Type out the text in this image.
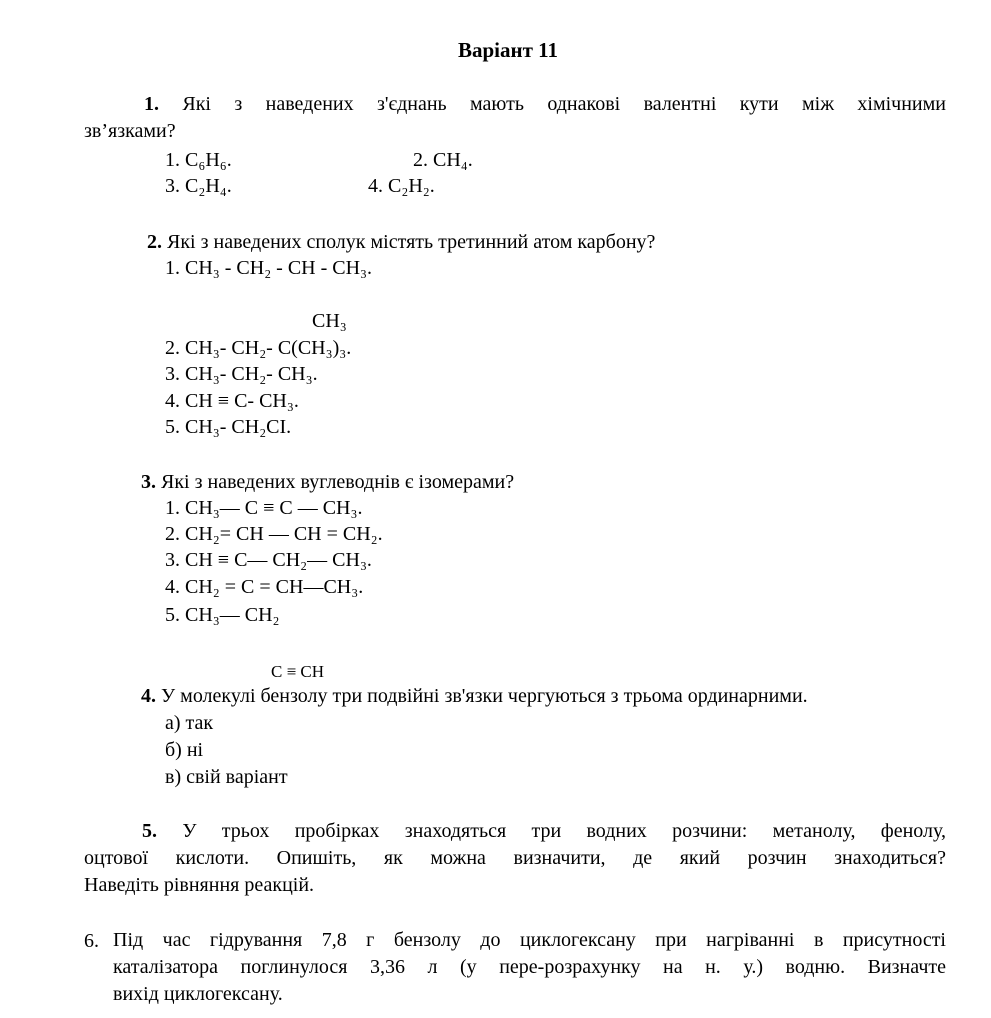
Варіант 11
1. Які з наведених з'єднань мають однакові валентні кути між хімічними
зв’язками?
1. C₆H₆.	2. CH₄.
3. C₂H₄.	4. C₂H₂.
2. Які з наведених сполук містять третинний атом карбону?
1. CH₃ - CH₂ - CH - CH₃.
CH₃
2. CH₃- CH₂- C(CH₃)₃.
3. CH₃- CH₂- CH₃.
4. CH ≡ C- CH₃.
5. CH₃- CH₂CI.
3. Які з наведених вуглеводнів є ізомерами?
1. CH₃— C ≡ C — CH₃.
2. CH₂= CH — CH = CH₂.
3. CH ≡ C— CH₂— CH₃.
4. CH₂ = C = CH—CH₃.
5. CH₃— CH₂
C ≡ CH
4. У молекулі бензолу три подвійні зв'язки чергуються з трьома ординарними.
а) так
б) ні
в) свій варіант
5. У трьох пробірках знаходяться три водних розчини: метанолу, фенолу,
оцтової кислоти. Опишіть, як можна визначити, де який розчин знаходиться?
Наведіть рівняння реакцій.
6. Під час гідрування 7,8 г бензолу до циклогексану при нагріванні в присутності
каталізатора поглинулося 3,36 л (у пере-розрахунку на н. у.) водню. Визначте
вихід циклогексану.
